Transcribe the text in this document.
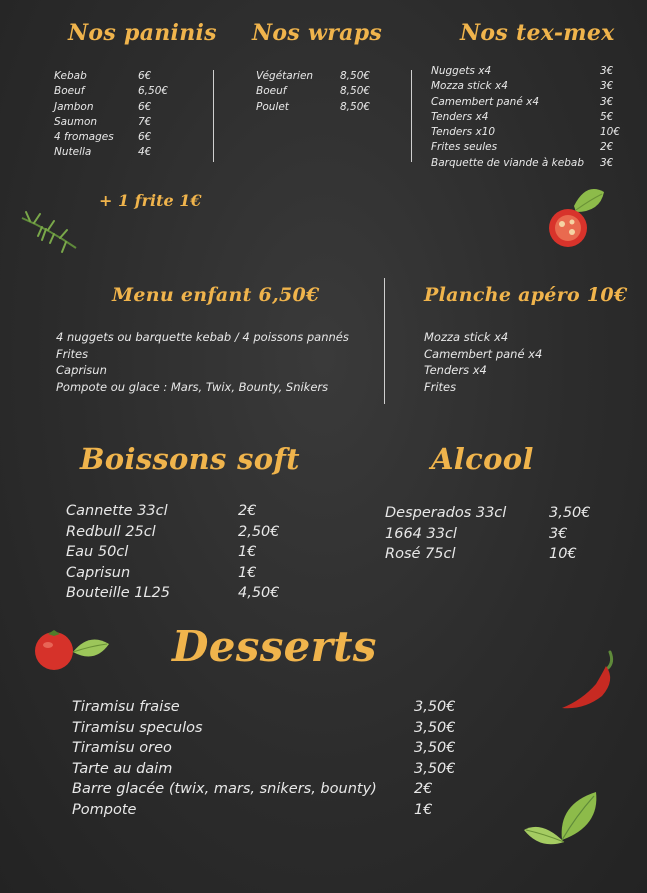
Nos paninis Nos wraps	Nos tex-mex
Kebab	6€
Boeuf	6,50€
Jambon	6€
Saumon	7€
4 fromages	6€
Nutella	4€
Végétarien	8,50€
Boeuf	8,50€
Poulet	8,50€
Nuggets x4	3€
Mozza stick x4	3€
Camembert pané x4	3€
Tenders x4	5€
Tenders x10	10€
Frites seules	2€
Barquette de viande à kebab	3€
+ 1 frite 1€
Menu enfant 6,50€	Planche apéro 10€
4 nuggets ou barquette kebab / 4 poissons pannés
Frites
Caprisun
Pompote ou glace : Mars, Twix, Bounty, Snikers
Mozza stick x4
Camembert pané x4
Tenders x4
Frites
Boissons soft	Alcool
Cannette 33cl	2€
Redbull 25cl	2,50€
Eau 50cl	1€
Caprisun	1€
Bouteille 1L25	4,50€
Desperados 33cl	3,50€
1664 33cl	3€
Rosé 75cl	10€
Desserts
Tiramisu fraise	3,50€
Tiramisu speculos	3,50€
Tiramisu oreo	3,50€
Tarte au daim	3,50€
Barre glacée (twix, mars, snikers, bounty)	2€
Pompote	1€
